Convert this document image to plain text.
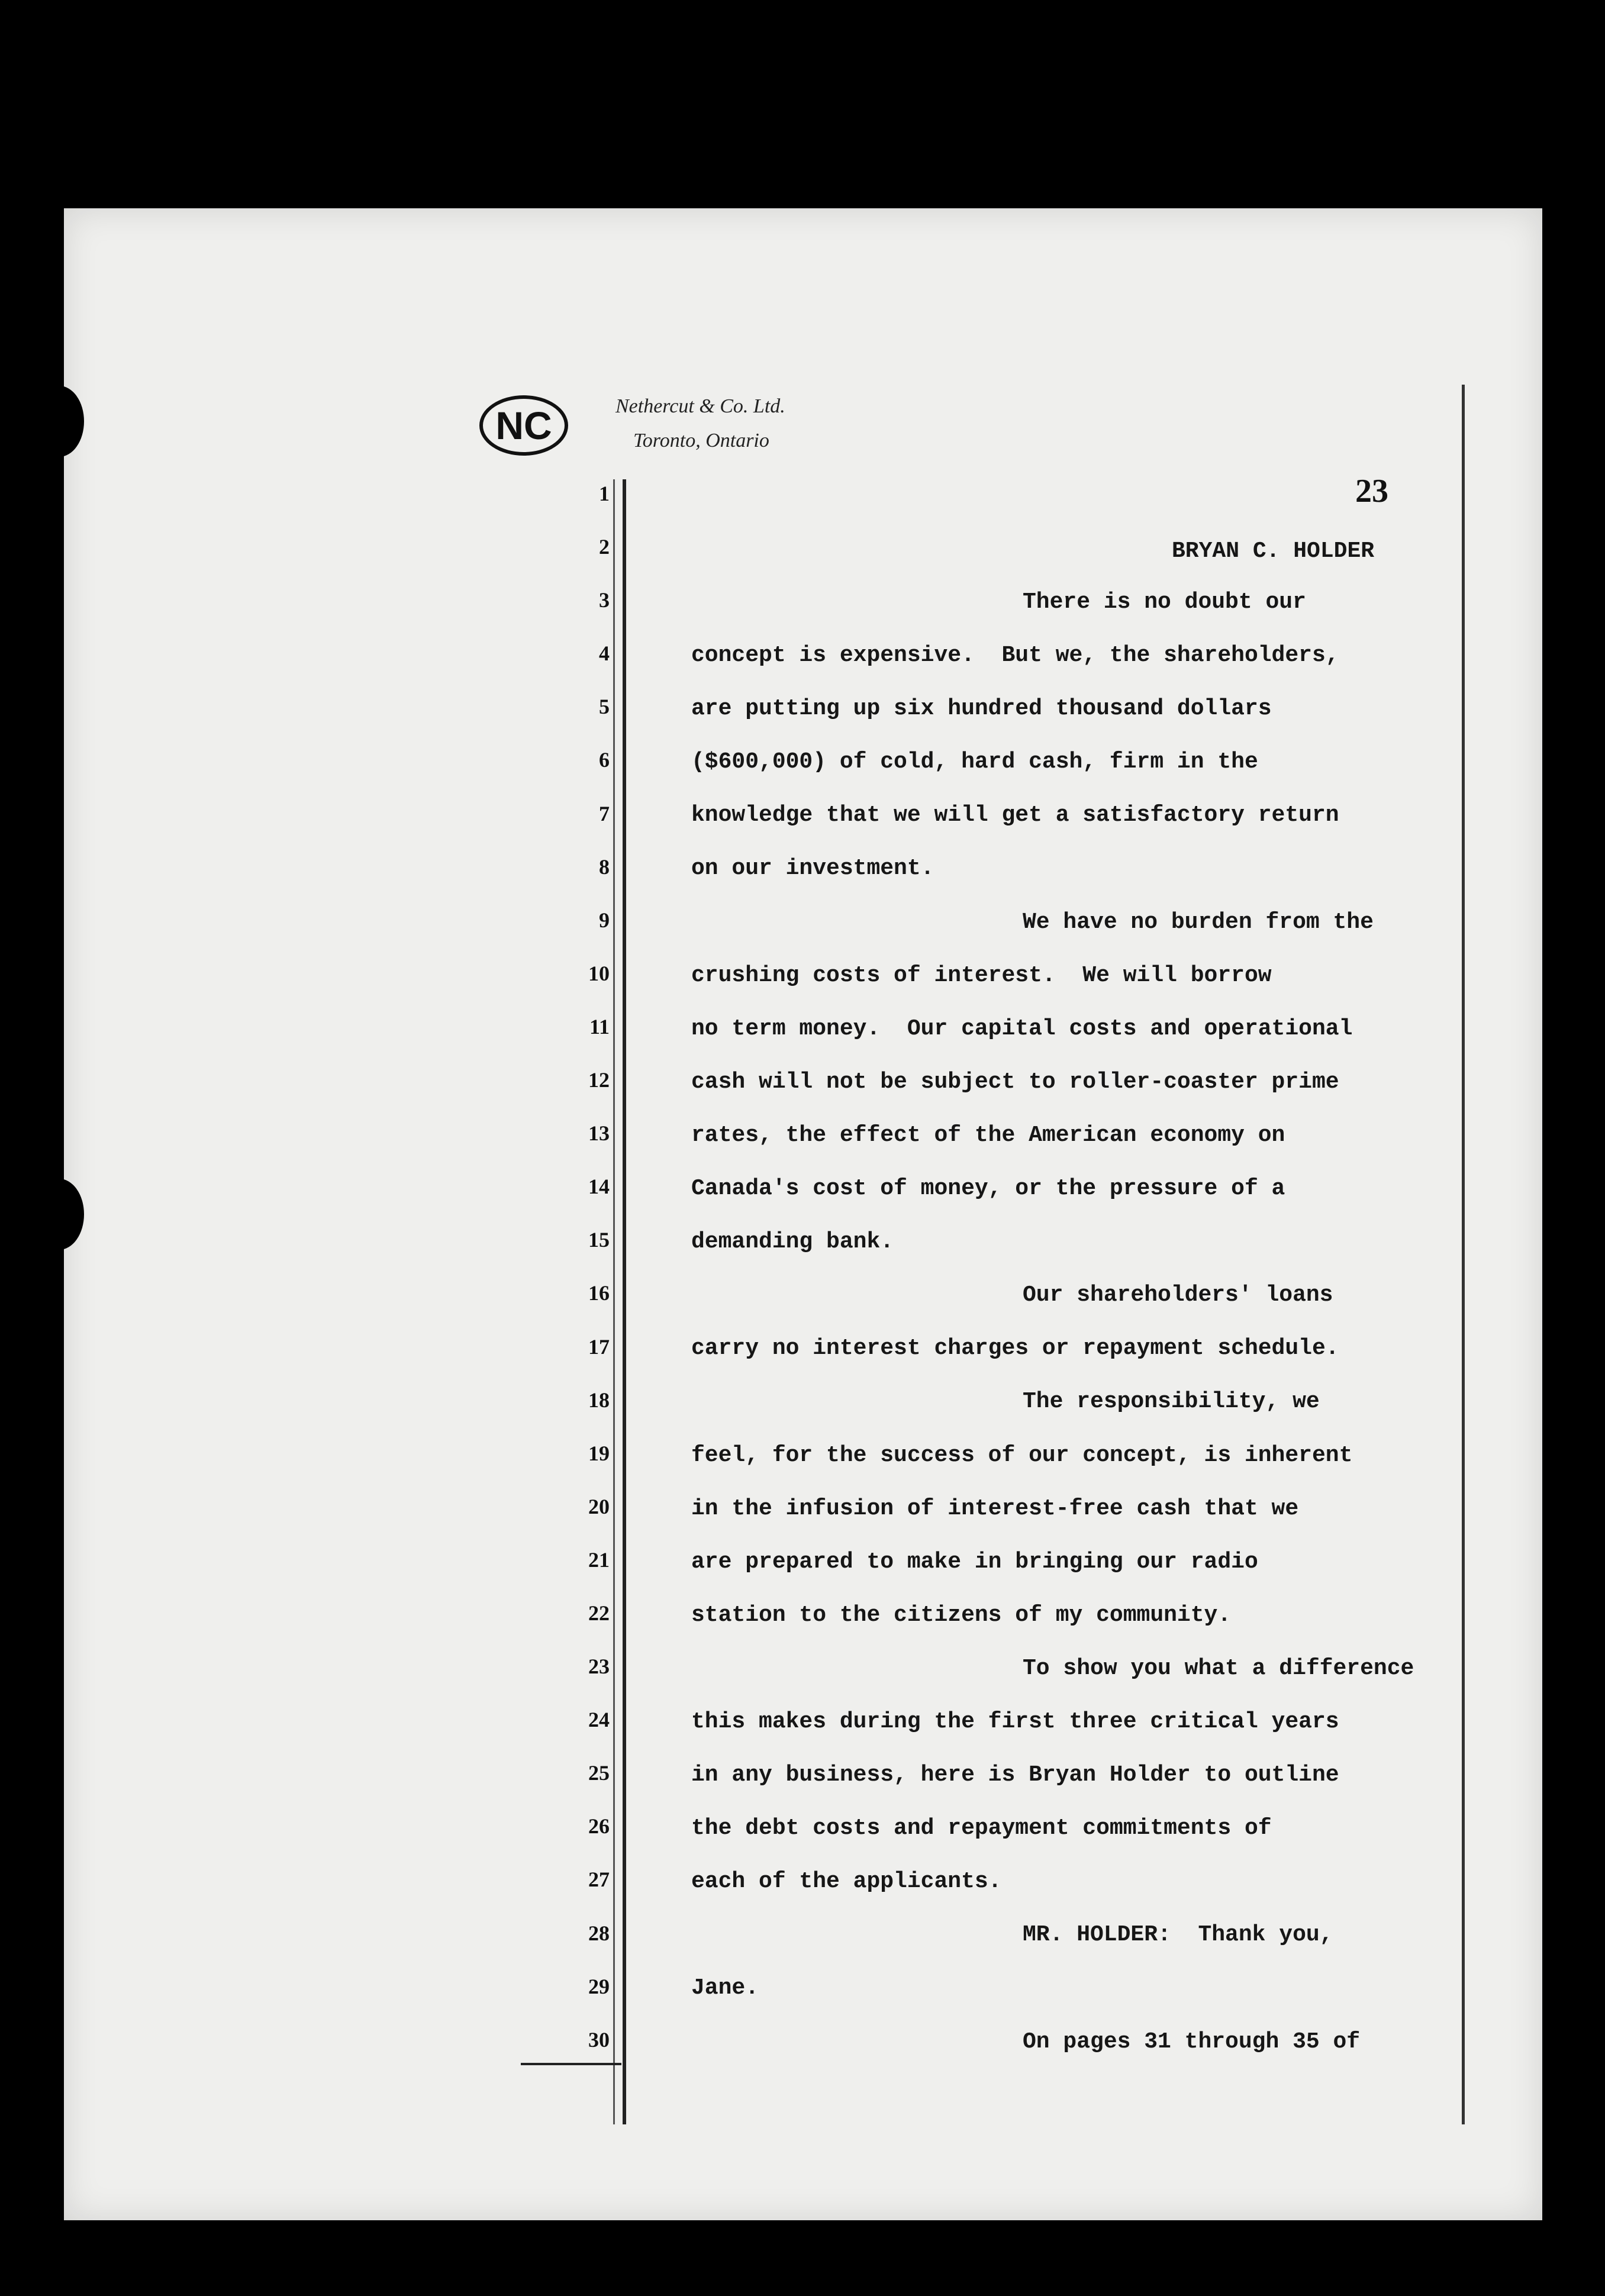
NC	Nethercut & Co. Ltd.
Toronto, Ontario
23
1
2
3
4
5
6
7
8
9
10
11
12
13
14
15
16
17
18
19
20
21
22
23
24
25
26
27
28
29
30
BRYAN C. HOLDER
There is no doubt our
concept is expensive.  But we, the shareholders,
are putting up six hundred thousand dollars
($600,000) of cold, hard cash, firm in the
knowledge that we will get a satisfactory return
on our investment.
We have no burden from the
crushing costs of interest.  We will borrow
no term money.  Our capital costs and operational
cash will not be subject to roller-coaster prime
rates, the effect of the American economy on
Canada's cost of money, or the pressure of a
demanding bank.
Our shareholders' loans
carry no interest charges or repayment schedule.
The responsibility, we
feel, for the success of our concept, is inherent
in the infusion of interest-free cash that we
are prepared to make in bringing our radio
station to the citizens of my community.
To show you what a difference
this makes during the first three critical years
in any business, here is Bryan Holder to outline
the debt costs and repayment commitments of
each of the applicants.
MR. HOLDER:  Thank you,
Jane.
On pages 31 through 35 of
